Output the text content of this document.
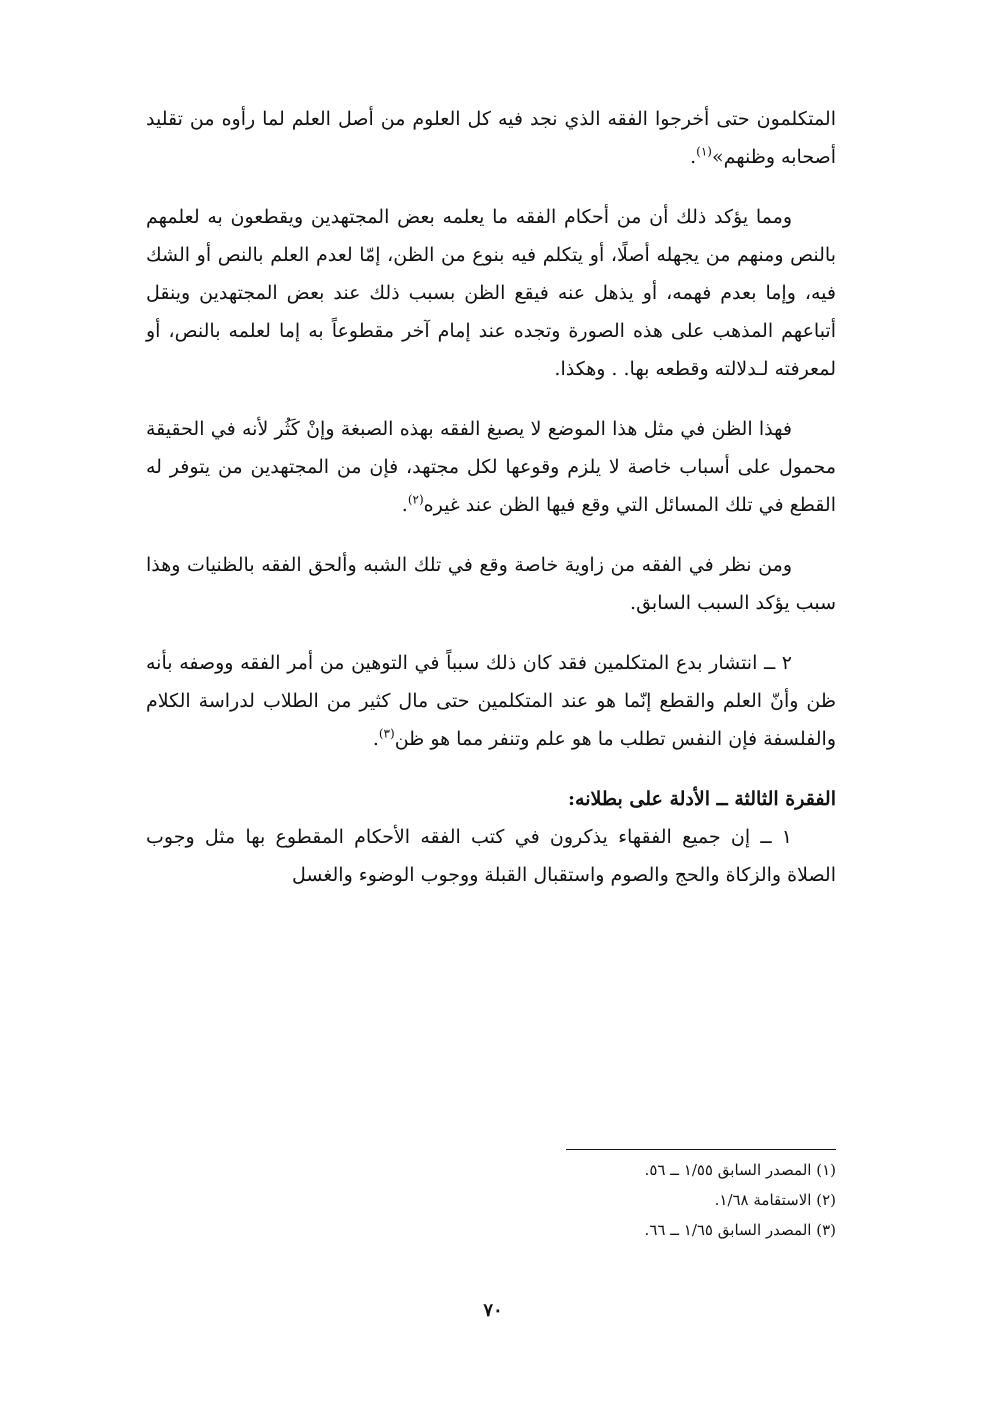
المتكلمون حتى أخرجوا الفقه الذي نجد فيه كل العلوم من أصل العلم لما رأوه من تقليد أصحابه وظنهم»$^{(١)}$.

ومما يؤكد ذلك أن من أحكام الفقه ما يعلمه بعض المجتهدين ويقطعون به لعلمهم بالنص ومنهم من يجهله أصلًا، أو يتكلم فيه بنوع من الظن، إمّا لعدم العلم بالنص أو الشك فيه، وإما بعدم فهمه، أو يذهل عنه فيقع الظن بسبب ذلك عند بعض المجتهدين وينقل أتباعهم المذهب على هذه الصورة وتجده عند إمام آخر مقطوعاً به إما لعلمه بالنص، أو لمعرفته لـدلالته وقطعه بها. . وهكذا.

فهذا الظن في مثل هذا الموضع لا يصبغ الفقه بهذه الصبغة وإنْ كَثُر لأنه في الحقيقة محمول على أسباب خاصة لا يلزم وقوعها لكل مجتهد، فإن من المجتهدين من يتوفر له القطع في تلك المسائل التي وقع فيها الظن عند غيره$^{(٢)}$.

ومن نظر في الفقه من زاوية خاصة وقع في تلك الشبه وألحق الفقه بالظنيات وهذا سبب يؤكد السبب السابق.

٢ ــ انتشار بدع المتكلمين فقد كان ذلك سبباً في التوهين من أمر الفقه ووصفه بأنه ظن وأنّ العلم والقطع إنّما هو عند المتكلمين حتى مال كثير من الطلاب لدراسة الكلام والفلسفة فإن النفس تطلب ما هو علم وتنفر مما هو ظن$^{(٣)}$.

الفقرة الثالثة ــ الأدلة على بطلانه:

١ ــ إن جميع الفقهاء يذكرون في كتب الفقه الأحكام المقطوع بها مثل وجوب الصلاة والزكاة والحج والصوم واستقبال القبلة ووجوب الوضوء والغسل

(١) المصدر السابق ١/٥٥ ــ ٥٦.

(٢) الاستقامة ١/٦٨.

(٣) المصدر السابق ١/٦٥ ــ ٦٦.

٧٠
